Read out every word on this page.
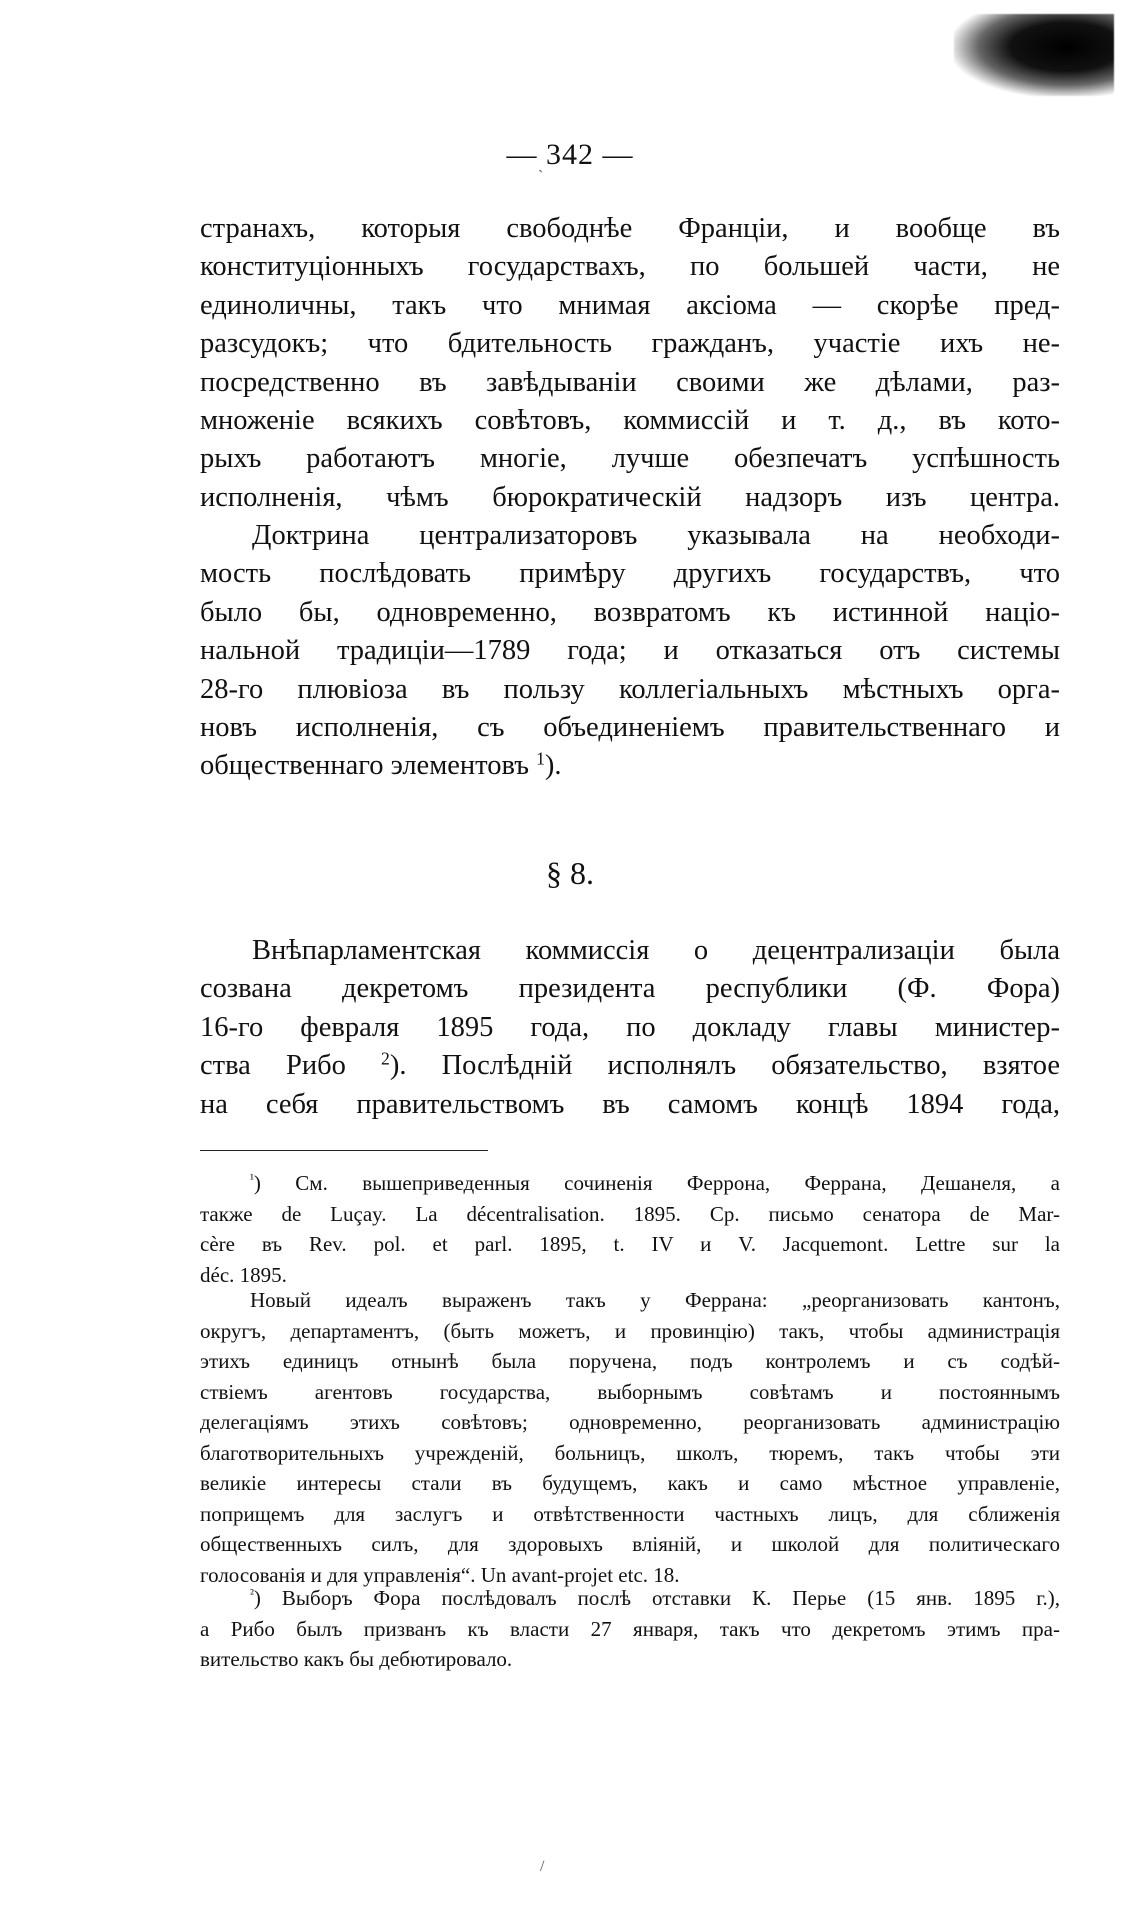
ˋ
/
— 342 —
странахъ, которыя свободнѣе Франціи, и вообще въ
конституціонныхъ государствахъ, по большей части, не
единоличны, такъ что мнимая аксіома — скорѣе пред-
разсудокъ; что бдительность гражданъ, участіе ихъ не-
посредственно въ завѣдываніи своими же дѣлами, раз-
множеніе всякихъ совѣтовъ, коммиссій и т. д., въ кото-
рыхъ работаютъ многіе, лучше обезпечатъ успѣшность
исполненія, чѣмъ бюрократическій надзоръ изъ центра.
Доктрина централизаторовъ указывала на необходи-
мость послѣдовать примѣру другихъ государствъ, что
было бы, одновременно, возвратомъ къ истинной націо-
нальной традиціи—1789 года; и отказаться отъ системы
28-го плювіоза въ пользу коллегіальныхъ мѣстныхъ орга-
новъ исполненія, съ объединеніемъ правительственнаго и
общественнаго элементовъ $^1$).
§ 8.
Внѣпарламентская коммиссія о децентрализаціи была
созвана декретомъ президента республики (Ф. Фора)
16-го февраля 1895 года, по докладу главы министер-
ства Рибо $^2$). Послѣдній исполнялъ обязательство, взятое
на себя правительствомъ въ самомъ концѣ 1894 года,
$^{^1}$) См. вышеприведенныя сочиненія Феррона, Феррана, Дешанеля, а
также de Luçay. La décentralisation. 1895. Ср. письмо сенатора de Mar-
cère въ Rev. pol. et parl. 1895, t. IV и V. Jacquemont. Lettre sur la
déc. 1895.
Новый идеалъ выраженъ такъ у Феррана: „реорганизовать кантонъ,
округъ, департаментъ, (быть можетъ, и провинцію) такъ, чтобы администрація
этихъ единицъ отнынѣ была поручена, подъ контролемъ и съ содѣй-
ствіемъ агентовъ государства, выборнымъ совѣтамъ и постояннымъ
делегаціямъ этихъ совѣтовъ; одновременно, реорганизовать администрацію
благотворительныхъ учрежденій, больницъ, школъ, тюремъ, такъ чтобы эти
великіе интересы стали въ будущемъ, какъ и само мѣстное управленіе,
поприщемъ для заслугъ и отвѣтственности частныхъ лицъ, для сближенія
общественныхъ силъ, для здоровыхъ вліяній, и школой для политическаго
голосованія и для управленія“. Un avant-projet etc. 18.
$^{^2}$) Выборъ Фора послѣдовалъ послѣ отставки К. Перье (15 янв. 1895 г.),
а Рибо былъ призванъ къ власти 27 января, такъ что декретомъ этимъ пра-
вительство какъ бы дебютировало.
